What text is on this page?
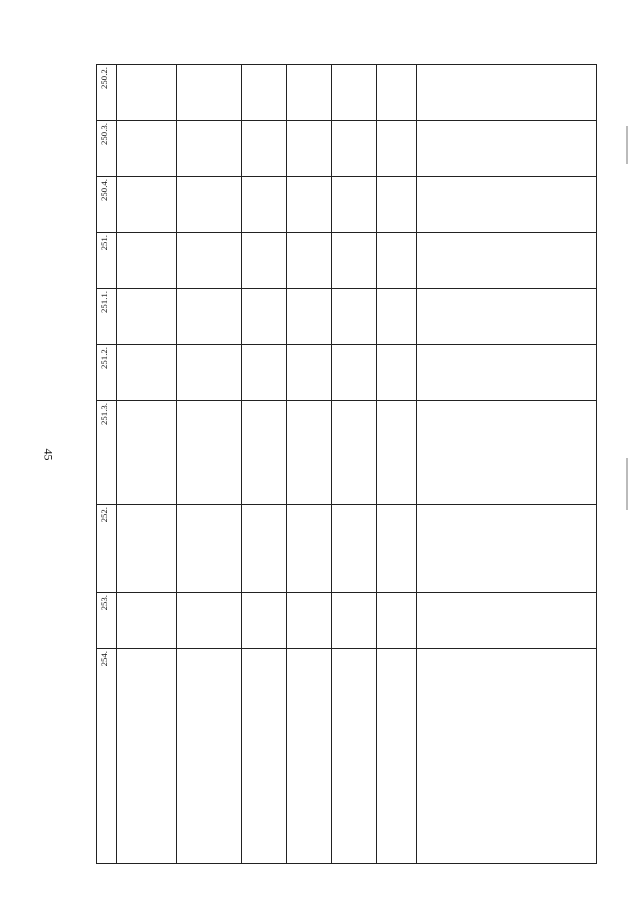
45
250.2.							

250.3.							

250.4.							

251.							

251.1.							

251.2.							

251.3.							

252.							

253.							

254.							
